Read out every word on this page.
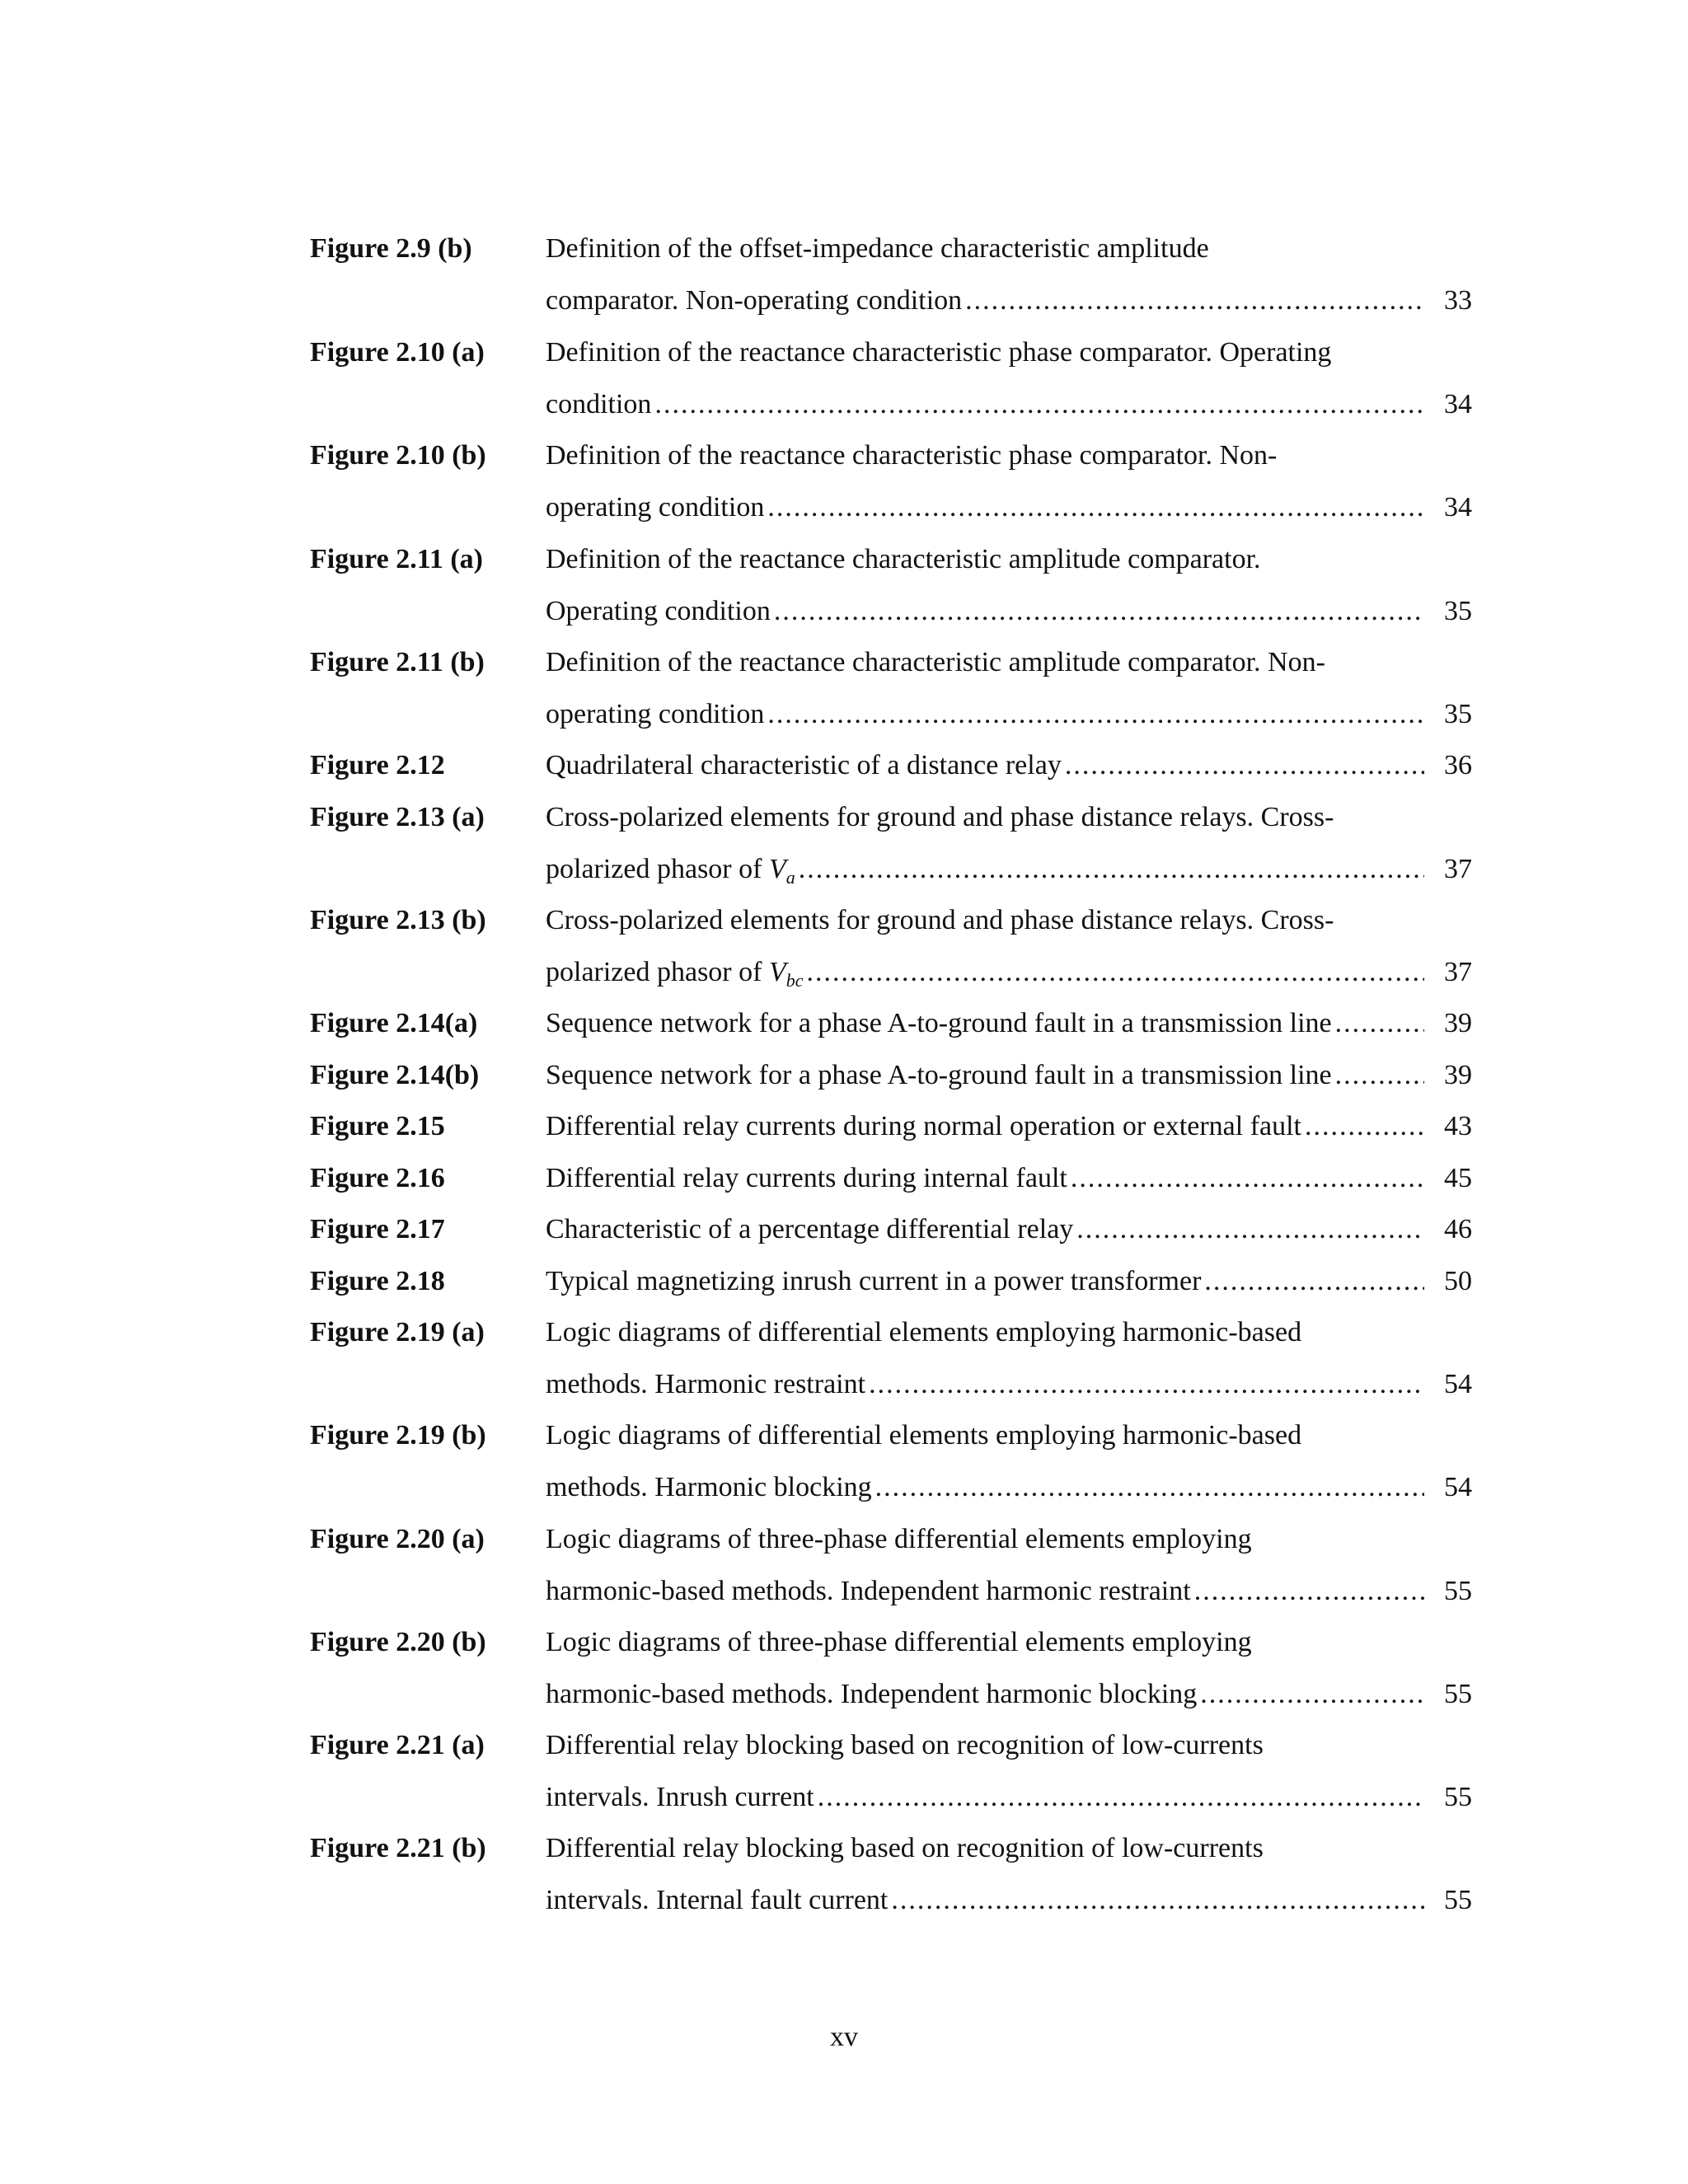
Figure 2.9 (b)	Definition of the offset-impedance characteristic amplitude
comparator. Non-operating condition .....	33
Figure 2.10 (a) Definition of the reactance characteristic phase comparator. Operating
condition .....	34
Figure 2.10 (b) Definition of the reactance characteristic phase comparator. Non-
operating condition .....	34
Figure 2.11 (a) Definition of the reactance characteristic amplitude comparator.
Operating condition .....	35
Figure 2.11 (b) Definition of the reactance characteristic amplitude comparator. Non-
operating condition .....	35
Figure 2.12	Quadrilateral characteristic of a distance relay .....	36
Figure 2.13 (a) Cross-polarized elements for ground and phase distance relays. Cross-
polarized phasor of $V_a$ .....	37
Figure 2.13 (b) Cross-polarized elements for ground and phase distance relays. Cross-
polarized phasor of $V_{bc}$ .....	37
Figure 2.14(a) Sequence network for a phase A-to-ground fault in a transmission line .....	39
Figure 2.14(b) Sequence network for a phase A-to-ground fault in a transmission line .....	39
Figure 2.15	Differential relay currents during normal operation or external fault .....	43
Figure 2.16	Differential relay currents during internal fault .....	45
Figure 2.17	Characteristic of a percentage differential relay .....	46
Figure 2.18	Typical magnetizing inrush current in a power transformer .....	50
Figure 2.19 (a) Logic diagrams of differential elements employing harmonic-based
methods. Harmonic restraint .....	54
Figure 2.19 (b) Logic diagrams of differential elements employing harmonic-based
methods. Harmonic blocking .....	54
Figure 2.20 (a) Logic diagrams of three-phase differential elements employing
harmonic-based methods. Independent harmonic restraint .....	55
Figure 2.20 (b) Logic diagrams of three-phase differential elements employing
harmonic-based methods. Independent harmonic blocking .....	55
Figure 2.21 (a) Differential relay blocking based on recognition of low-currents
intervals. Inrush current .....	55
Figure 2.21 (b) Differential relay blocking based on recognition of low-currents
intervals. Internal fault current .....	55
xv
